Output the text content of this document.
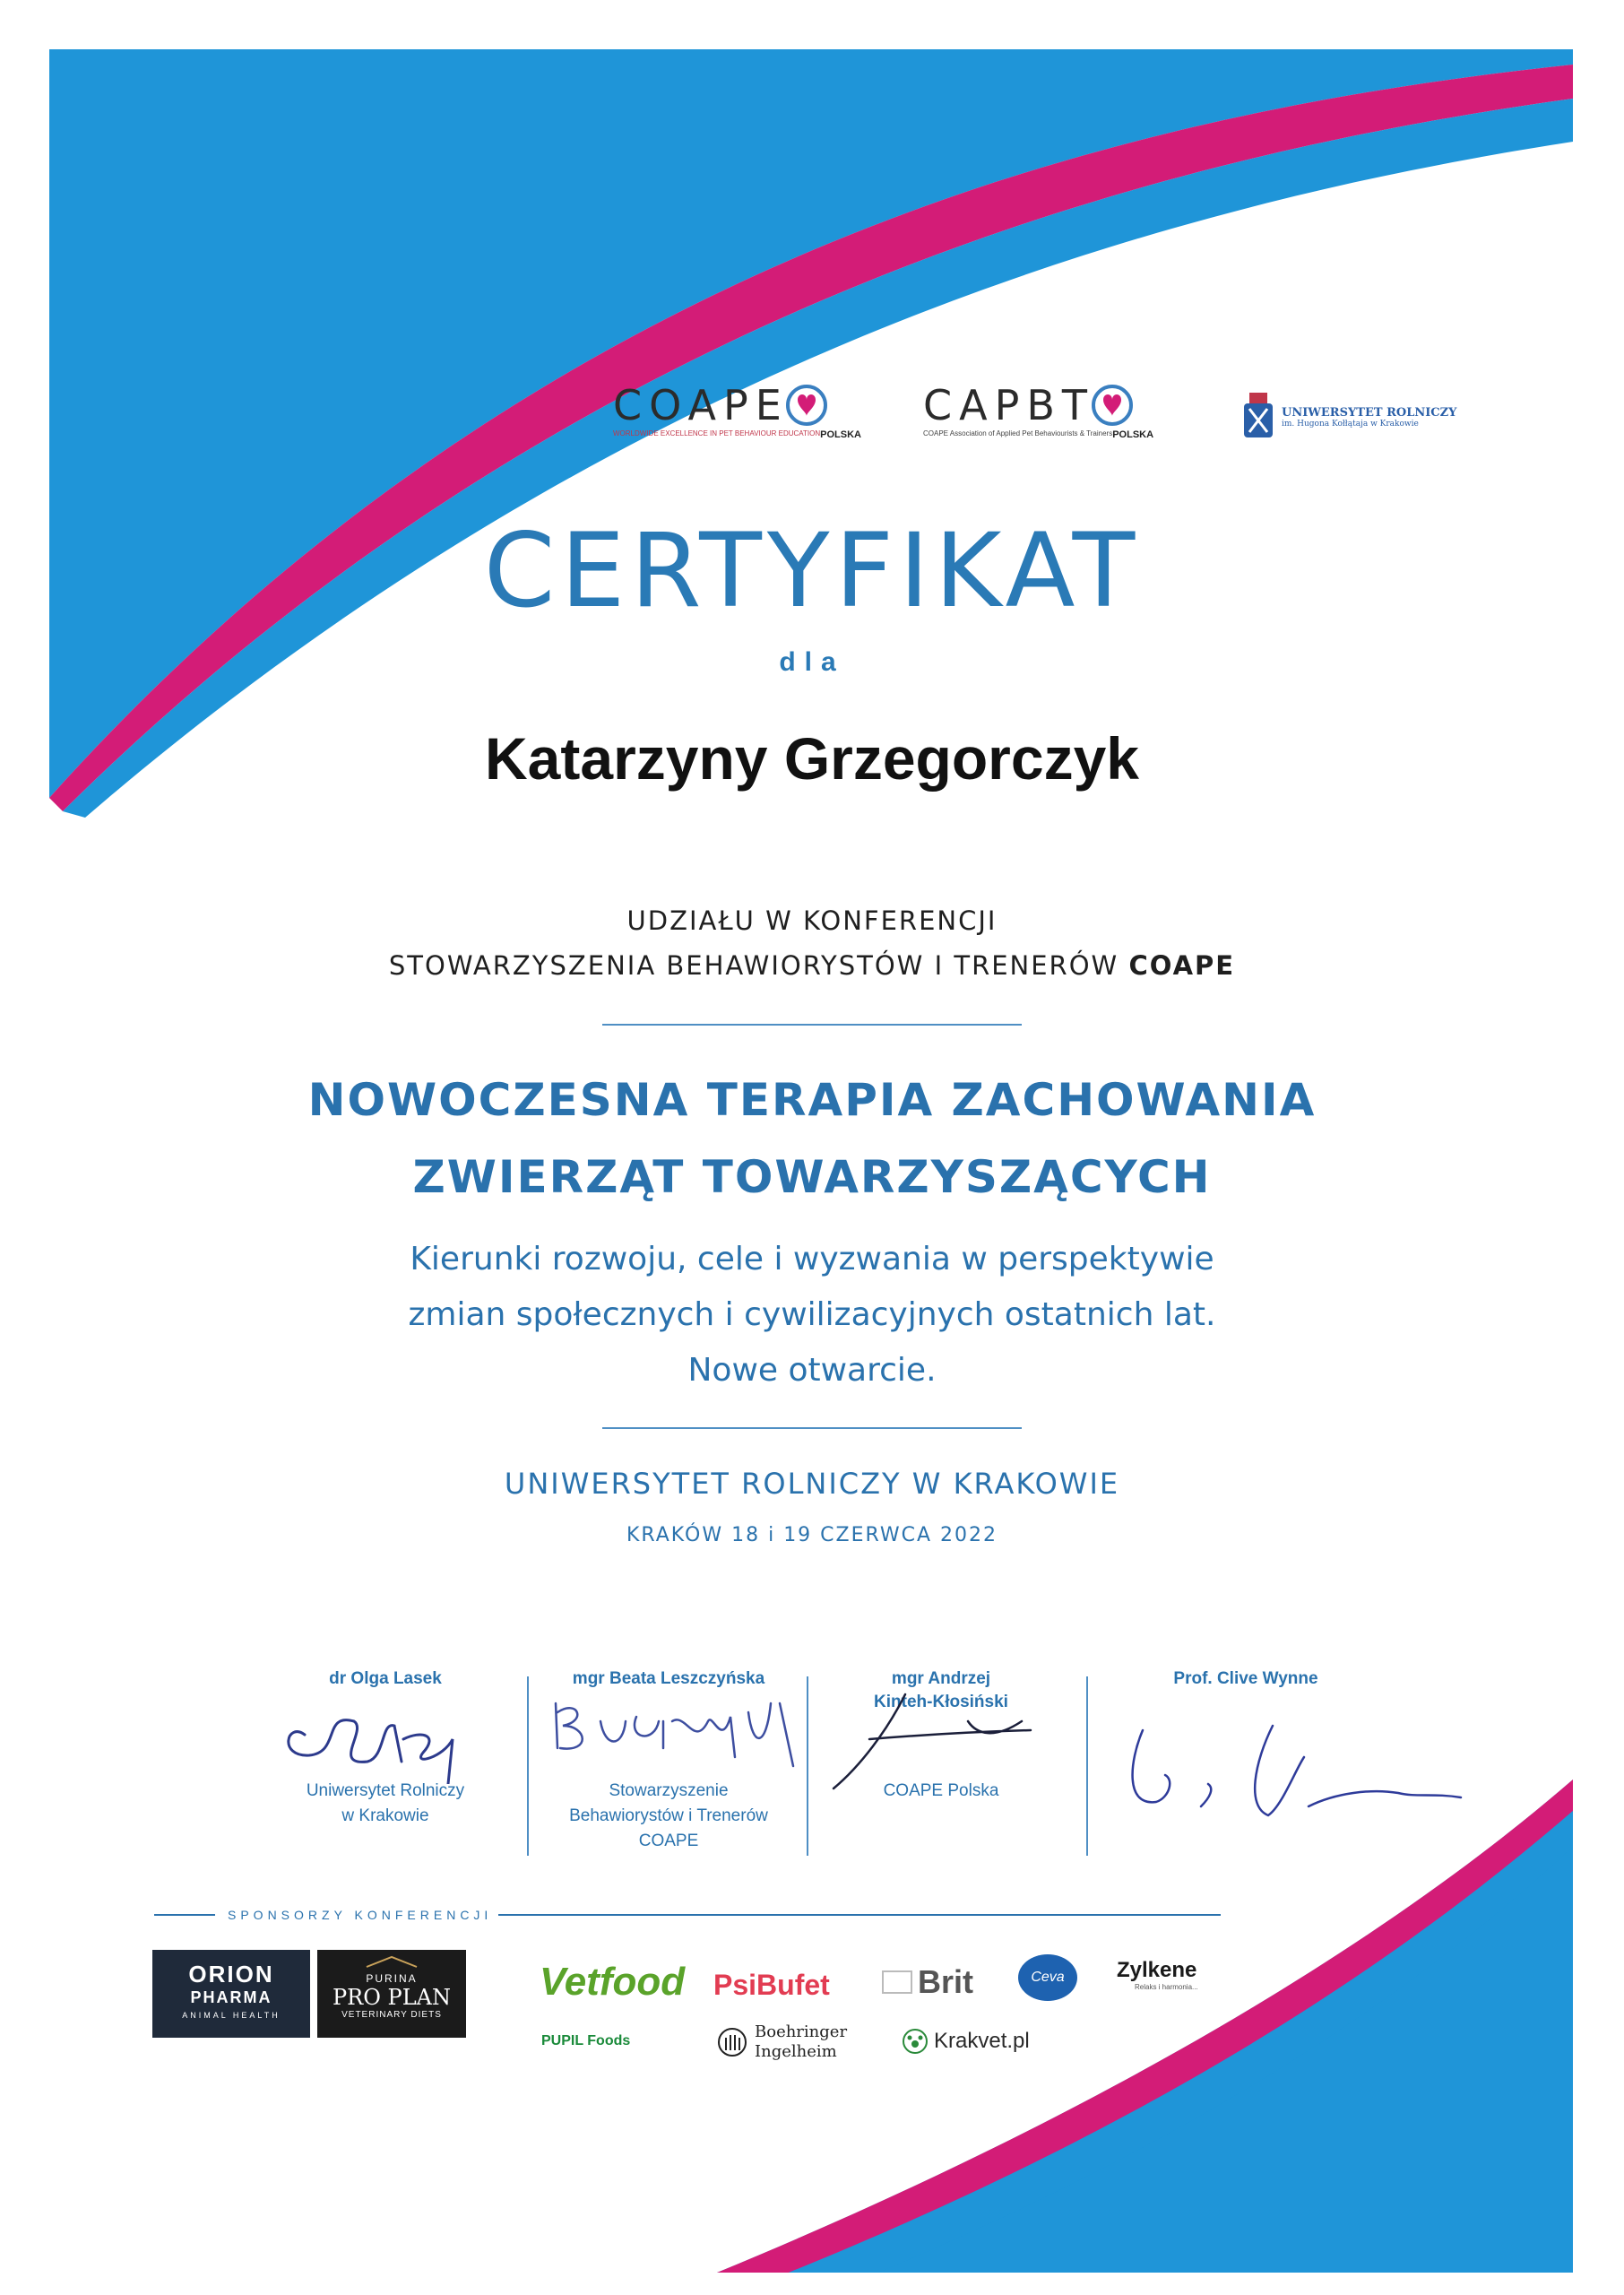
COAPE
WORLDWIDE EXCELLENCE IN PET BEHAVIOUR EDUCATION POLSKA
CAPBT
COAPE Association of Applied Pet Behaviourists & Trainers POLSKA
UNIWERSYTET ROLNICZY
im. Hugona Kołłątaja w Krakowie
CERTYFIKAT
dla
Katarzyny Grzegorczyk
UDZIAŁU W KONFERENCJI
STOWARZYSZENIA BEHAWIORYSTÓW I TRENERÓW COAPE
NOWOCZESNA TERAPIA ZACHOWANIA
ZWIERZĄT TOWARZYSZĄCYCH
Kierunki rozwoju, cele i wyzwania w perspektywie
zmian społecznych i cywilizacyjnych ostatnich lat.
Nowe otwarcie.
UNIWERSYTET ROLNICZY W KRAKOWIE
KRAKÓW 18 i 19 CZERWCA 2022
dr Olga Lasek
Uniwersytet Rolniczy
w Krakowie
mgr Beata Leszczyńska
Stowarzyszenie
Behawiorystów i Trenerów
COAPE
mgr Andrzej Kinteh-Kłosiński
COAPE Polska
Prof. Clive Wynne
SPONSORZY KONFERENCJI
ORION
PHARMA
ANIMAL HEALTH
PURINA
PRO PLAN
VETERINARY DIETS
Vetfood PsiBufet	Brit	Ceva	Zylkene
Relaks i harmonia...
PUPIL Foods	Boehringer
Ingelheim	Krakvet.pl
